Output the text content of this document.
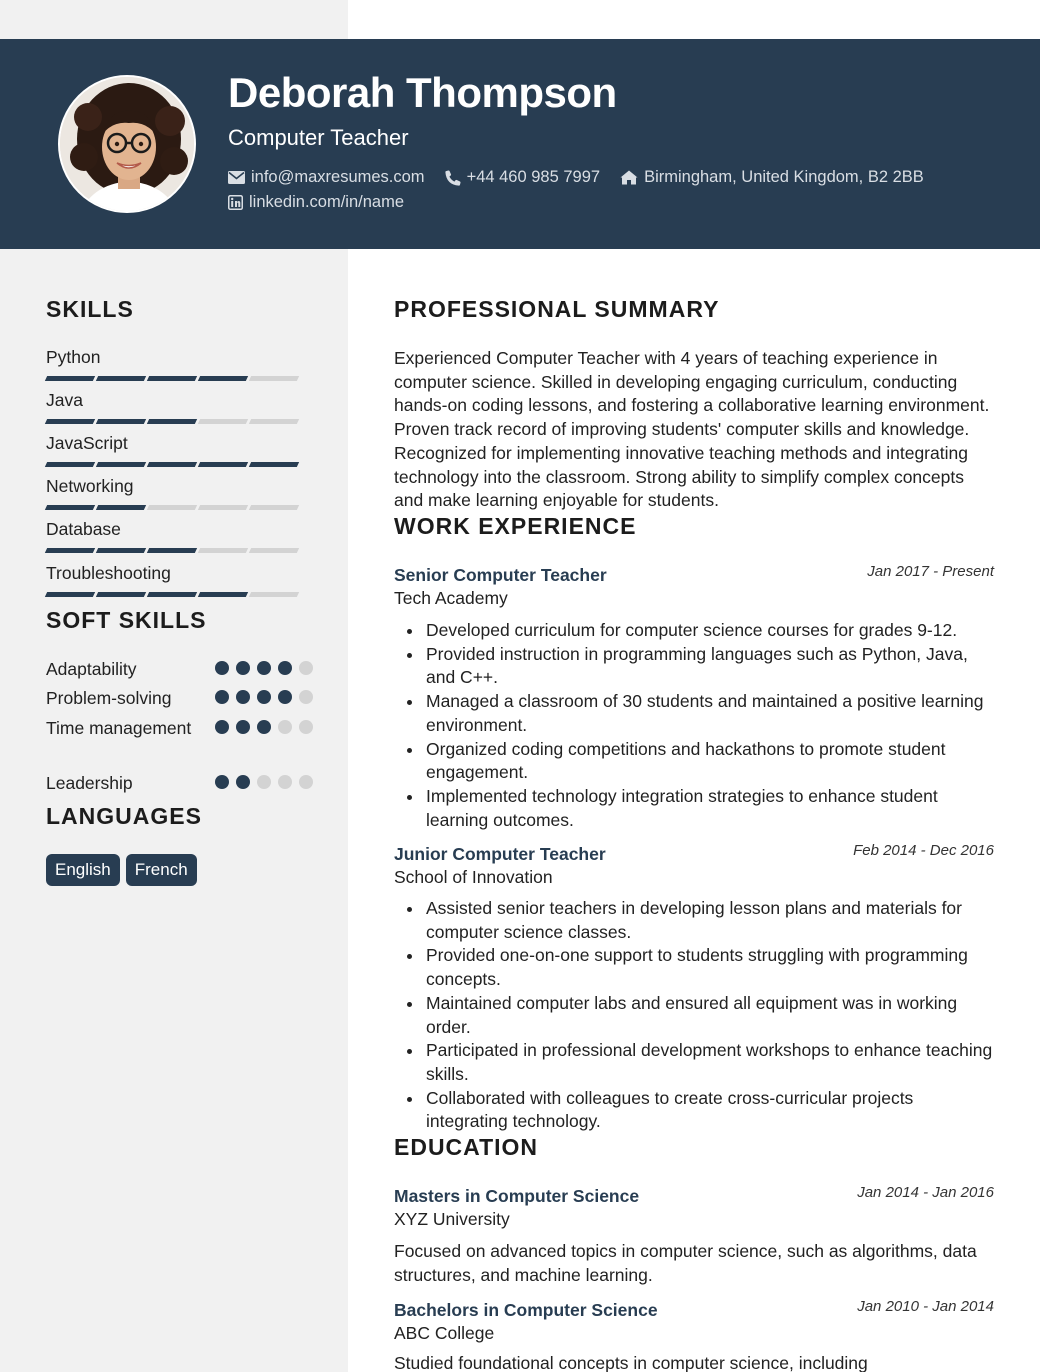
Deborah Thompson
Computer Teacher
info@maxresumes.com	+44 460 985 7997	Birmingham, United Kingdom, B2 2BB
linkedin.com/in/name
SKILLS
Python
Java
JavaScript
Networking
Database
Troubleshooting
SOFT SKILLS
Adaptability
Problem-solving
Time management
Leadership
LANGUAGES
English	French
PROFESSIONAL SUMMARY
Experienced Computer Teacher with 4 years of teaching experience in computer science. Skilled in developing engaging curriculum, conducting hands-on coding lessons, and fostering a collaborative learning environment. Proven track record of improving students' computer skills and knowledge. Recognized for implementing innovative teaching methods and integrating technology into the classroom. Strong ability to simplify complex concepts and make learning enjoyable for students.
WORK EXPERIENCE
Senior Computer Teacher	Jan 2017 - Present
Tech Academy
Developed curriculum for computer science courses for grades 9-12.
Provided instruction in programming languages such as Python, Java, and C++.
Managed a classroom of 30 students and maintained a positive learning environment.
Organized coding competitions and hackathons to promote student engagement.
Implemented technology integration strategies to enhance student learning outcomes.
Junior Computer Teacher	Feb 2014 - Dec 2016
School of Innovation
Assisted senior teachers in developing lesson plans and materials for computer science classes.
Provided one-on-one support to students struggling with programming concepts.
Maintained computer labs and ensured all equipment was in working order.
Participated in professional development workshops to enhance teaching skills.
Collaborated with colleagues to create cross-curricular projects integrating technology.
EDUCATION
Masters in Computer Science	Jan 2014 - Jan 2016
XYZ University
Focused on advanced topics in computer science, such as algorithms, data structures, and machine learning.
Bachelors in Computer Science	Jan 2010 - Jan 2014
ABC College
Studied foundational concepts in computer science, including
